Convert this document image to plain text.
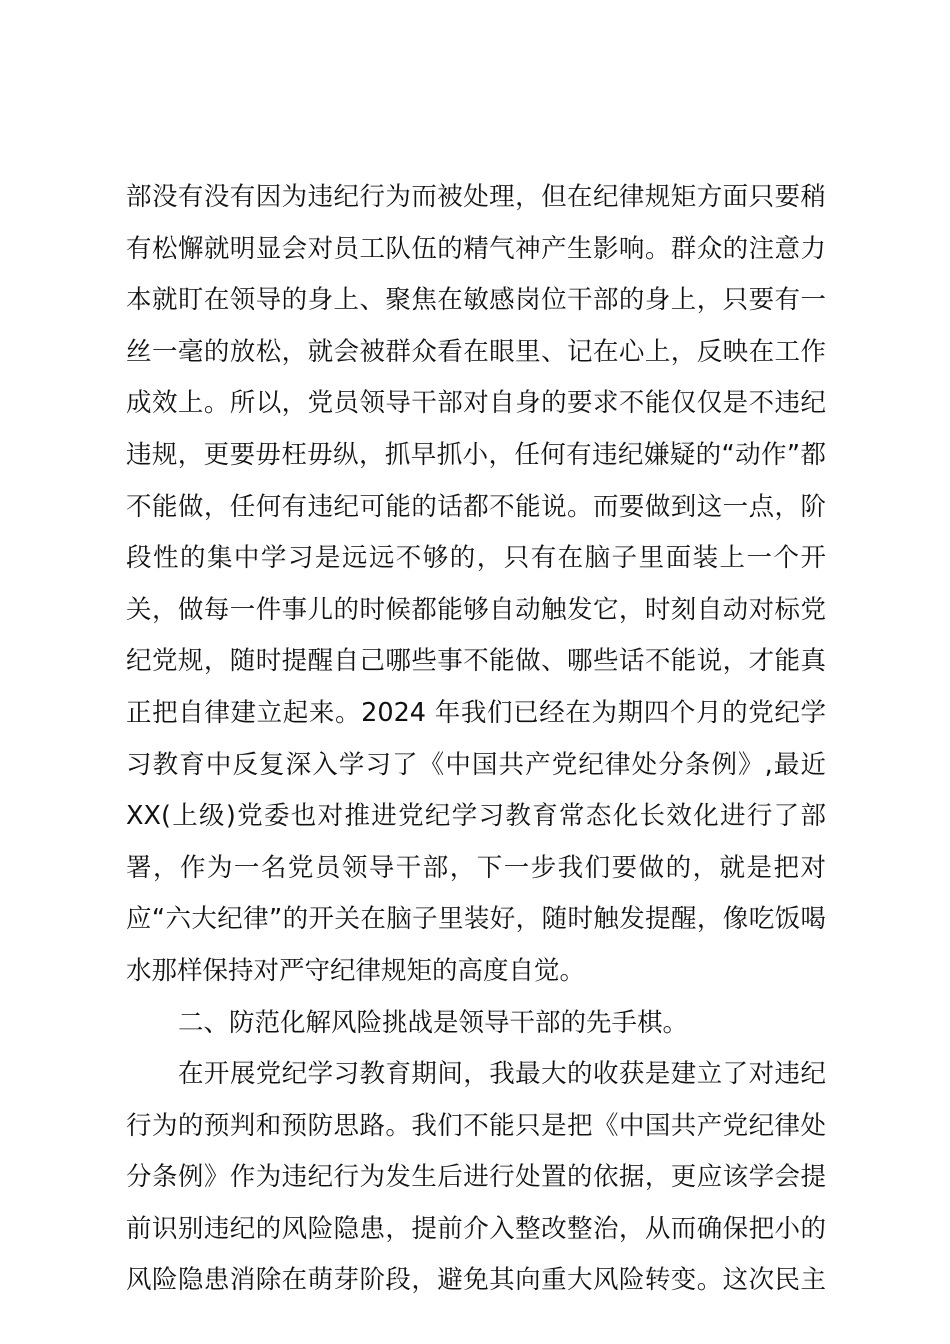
部没有没有因为违纪行为而被处理，但在纪律规矩方面只要稍
有松懈就明显会对员工队伍的精气神产生影响。群众的注意力
本就盯在领导的身上、聚焦在敏感岗位干部的身上，只要有一
丝一毫的放松，就会被群众看在眼里、记在心上，反映在工作
成效上。所以，党员领导干部对自身的要求不能仅仅是不违纪
违规，更要毋枉毋纵，抓早抓小，任何有违纪嫌疑的“动作”都
不能做，任何有违纪可能的话都不能说。而要做到这一点，阶
段性的集中学习是远远不够的，只有在脑子里面装上一个开
关，做每一件事儿的时候都能够自动触发它，时刻自动对标党
纪党规，随时提醒自己哪些事不能做、哪些话不能说，才能真
正把自律建立起来。2024 年我们已经在为期四个月的党纪学
习教育中反复深入学习了《中国共产党纪律处分条例》,最近
XX(上级)党委也对推进党纪学习教育常态化长效化进行了部
署，作为一名党员领导干部，下一步我们要做的，就是把对
应“六大纪律”的开关在脑子里装好，随时触发提醒，像吃饭喝
水那样保持对严守纪律规矩的高度自觉。
二、防范化解风险挑战是领导干部的先手棋。
在开展党纪学习教育期间，我最大的收获是建立了对违纪
行为的预判和预防思路。我们不能只是把《中国共产党纪律处
分条例》作为违纪行为发生后进行处置的依据，更应该学会提
前识别违纪的风险隐患，提前介入整改整治，从而确保把小的
风险隐患消除在萌芽阶段，避免其向重大风险转变。这次民主
